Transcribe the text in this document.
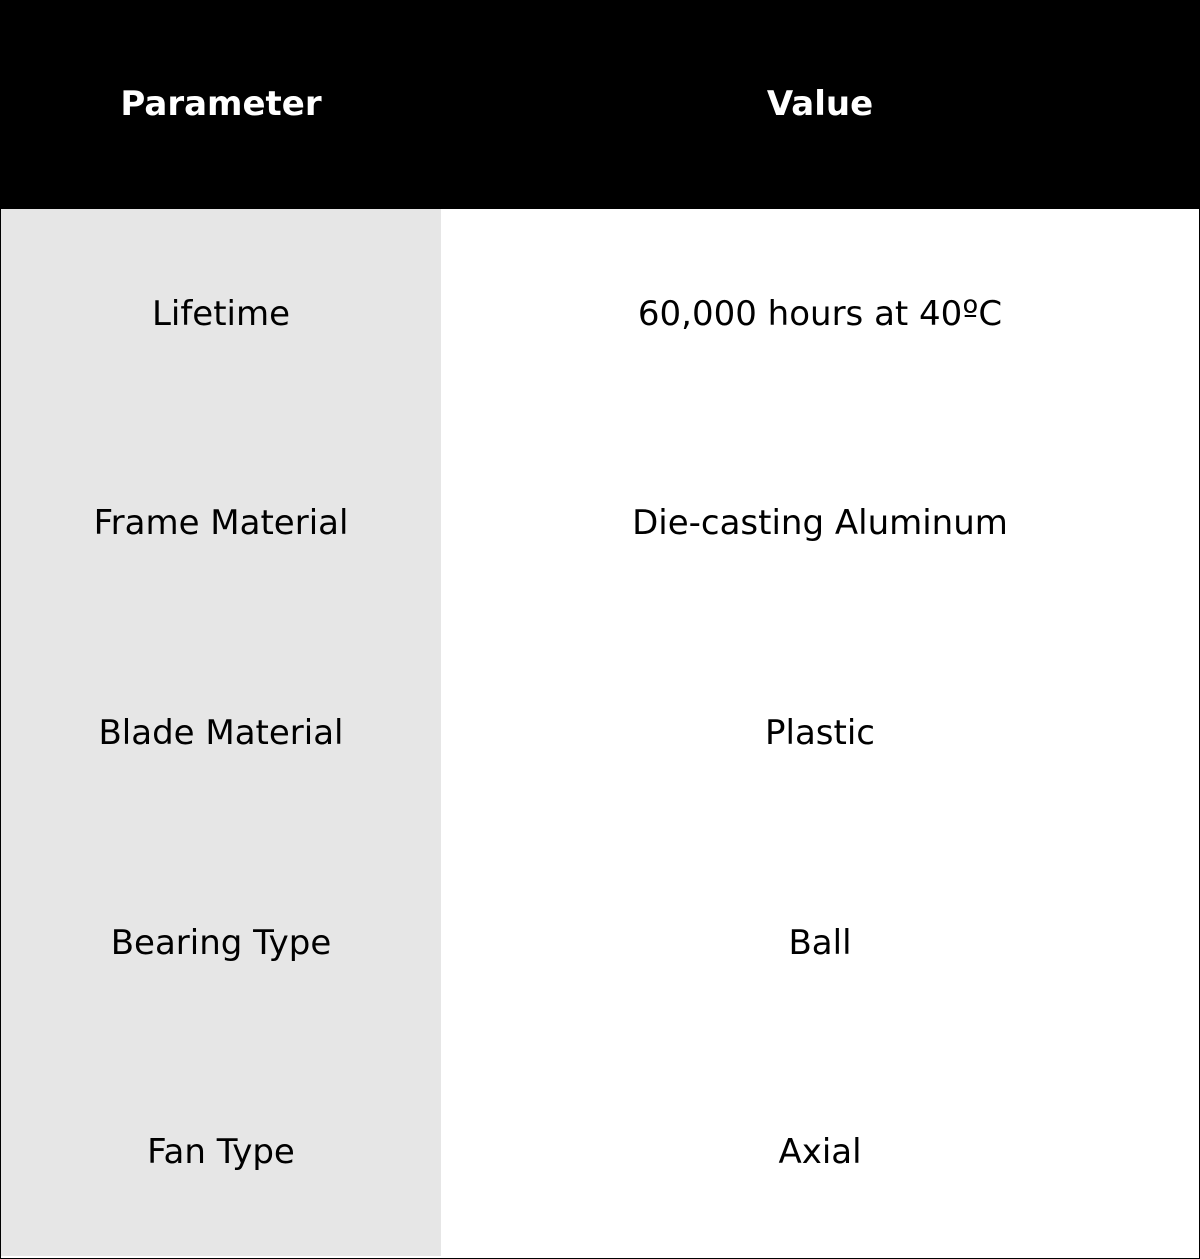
Parameter	Value
Lifetime	60,000 hours at 40ºC
Frame Material	Die-casting Aluminum
Blade Material	Plastic
Bearing Type	Ball
Fan Type	Axial
